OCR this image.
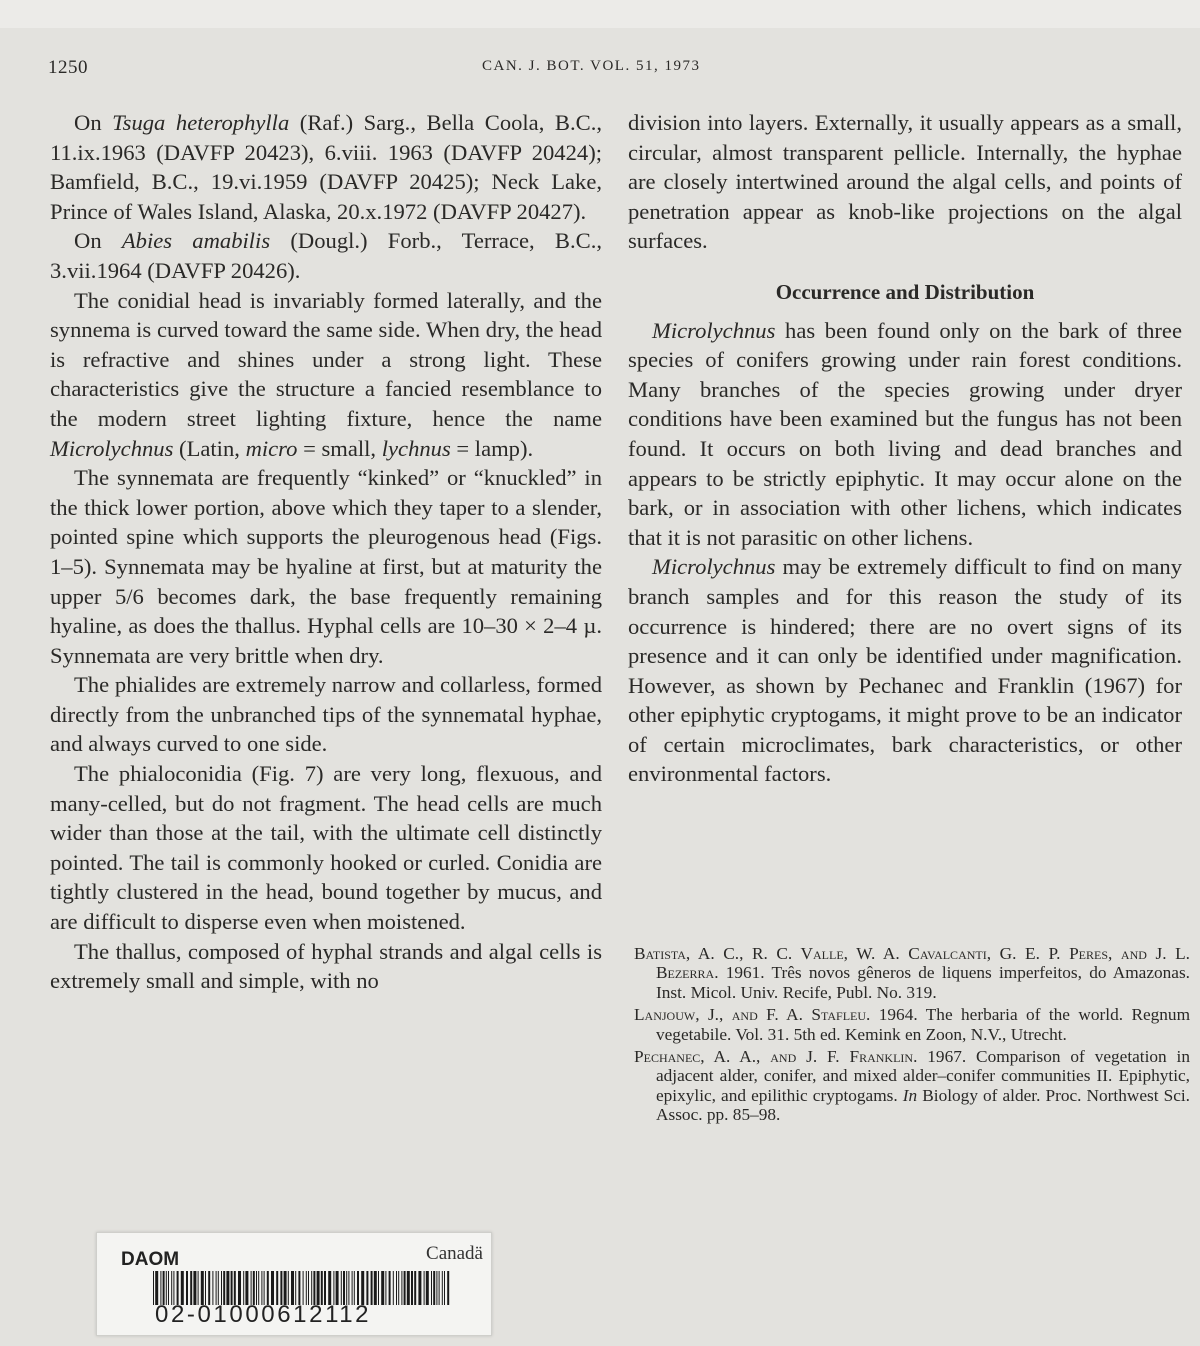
1250	CAN. J. BOT. VOL. 51, 1973

On Tsuga heterophylla (Raf.) Sarg., Bella Coola, B.C., 11.ix.1963 (DAVFP 20423), 6.viii. 1963 (DAVFP 20424); Bamfield, B.C., 19.vi.1959 (DAVFP 20425); Neck Lake, Prince of Wales Island, Alaska, 20.x.1972 (DAVFP 20427).

On Abies amabilis (Dougl.) Forb., Terrace, B.C., 3.vii.1964 (DAVFP 20426).

The conidial head is invariably formed laterally, and the synnema is curved toward the same side. When dry, the head is refractive and shines under a strong light. These characteristics give the structure a fancied resemblance to the modern street lighting fixture, hence the name Microlychnus (Latin, micro = small, lychnus = lamp).

The synnemata are frequently “kinked” or “knuckled” in the thick lower portion, above which they taper to a slender, pointed spine which supports the pleurogenous head (Figs. 1–5). Synnemata may be hyaline at first, but at maturity the upper 5/6 becomes dark, the base frequently remaining hyaline, as does the thallus. Hyphal cells are 10–30 × 2–4 µ. Synnemata are very brittle when dry.

The phialides are extremely narrow and collarless, formed directly from the unbranched tips of the synnematal hyphae, and always curved to one side.

The phialoconidia (Fig. 7) are very long, flexuous, and many-celled, but do not fragment. The head cells are much wider than those at the tail, with the ultimate cell distinctly pointed. The tail is commonly hooked or curled. Conidia are tightly clustered in the head, bound together by mucus, and are difficult to disperse even when moistened.

The thallus, composed of hyphal strands and algal cells is extremely small and simple, with no

division into layers. Externally, it usually appears as a small, circular, almost transparent pellicle. Internally, the hyphae are closely intertwined around the algal cells, and points of penetration appear as knob-like projections on the algal surfaces.

Occurrence and Distribution

Microlychnus has been found only on the bark of three species of conifers growing under rain forest conditions. Many branches of the species growing under dryer conditions have been examined but the fungus has not been found. It occurs on both living and dead branches and appears to be strictly epiphytic. It may occur alone on the bark, or in association with other lichens, which indicates that it is not parasitic on other lichens.

Microlychnus may be extremely difficult to find on many branch samples and for this reason the study of its occurrence is hindered; there are no overt signs of its presence and it can only be identified under magnification. However, as shown by Pechanec and Franklin (1967) for other epiphytic cryptogams, it might prove to be an indicator of certain microclimates, bark characteristics, or other environmental factors.

Batista, A. C., R. C. Valle, W. A. Cavalcanti, G. E. P. Peres, and J. L. Bezerra. 1961. Três novos gêneros de liquens imperfeitos, do Amazonas. Inst. Micol. Univ. Recife, Publ. No. 319.

Lanjouw, J., and F. A. Stafleu. 1964. The herbaria of the world. Regnum vegetabile. Vol. 31. 5th ed. Kemink en Zoon, N.V., Utrecht.

Pechanec, A. A., and J. F. Franklin. 1967. Comparison of vegetation in adjacent alder, conifer, and mixed alder–conifer communities II. Epiphytic, epixylic, and epilithic cryptogams. In Biology of alder. Proc. Northwest Sci. Assoc. pp. 85–98.

DAOM	Canadä
02-01000612112
